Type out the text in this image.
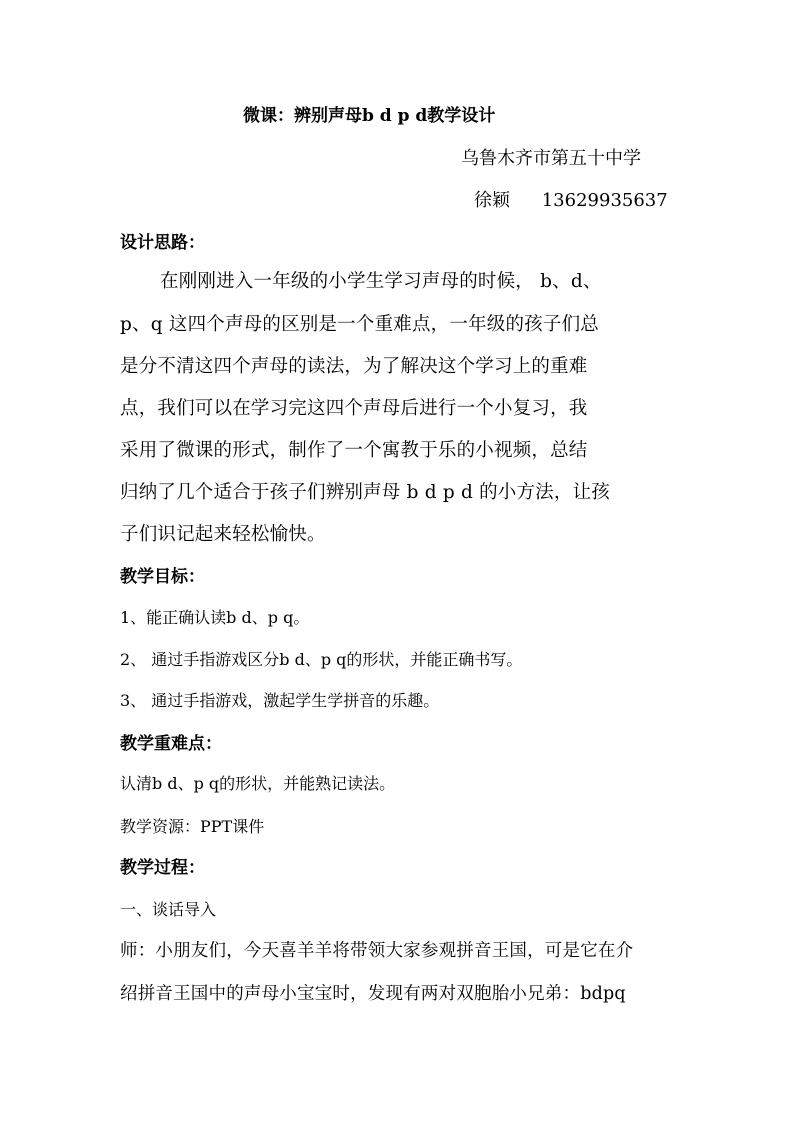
微课：辨别声母b d p d教学设计
乌鲁木齐市第五十中学
徐颖 13629935637
设计思路：
在刚刚进入一年级的小学生学习声母的时候， b、d、
p、q 这四个声母的区别是一个重难点，一年级的孩子们总
是分不清这四个声母的读法，为了解决这个学习上的重难
点，我们可以在学习完这四个声母后进行一个小复习，我
采用了微课的形式，制作了一个寓教于乐的小视频，总结
归纳了几个适合于孩子们辨别声母 b d p d 的小方法，让孩
子们识记起来轻松愉快。
教学目标：
1、能正确认读b d、p q。
2、 通过手指游戏区分b d、p q的形状，并能正确书写。
3、 通过手指游戏，激起学生学拼音的乐趣。
教学重难点：
认清b d、p q的形状，并能熟记读法。
教学资源：PPT课件
教学过程：
一、谈话导入
师：小朋友们，今天喜羊羊将带领大家参观拼音王国，可是它在介
绍拼音王国中的声母小宝宝时，发现有两对双胞胎小兄弟：bdpq
